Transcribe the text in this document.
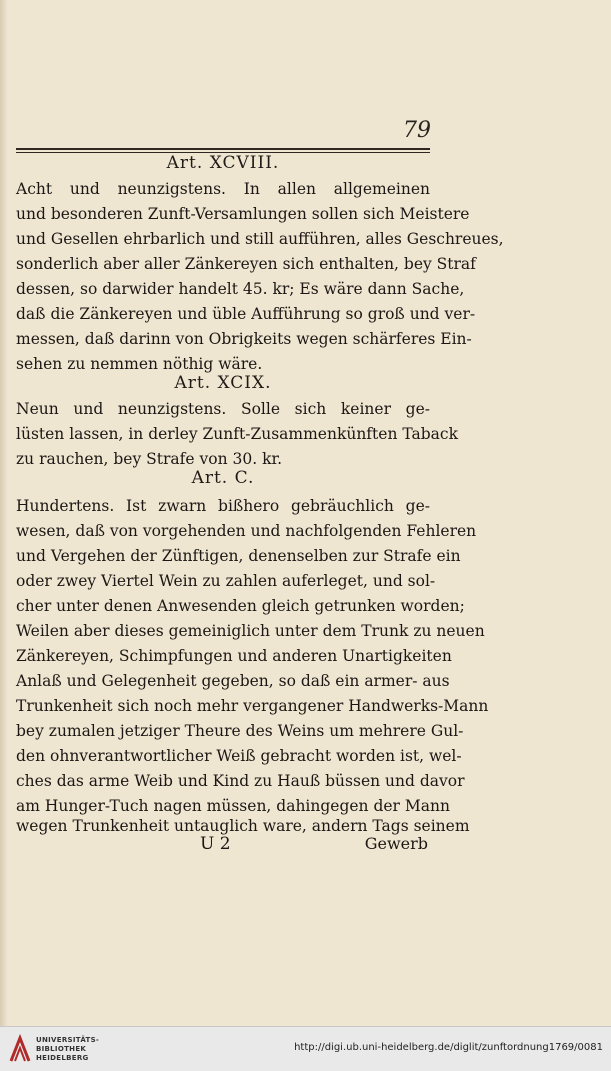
79
Art. XCVIII.
Acht und neunzigstens. In allen allgemeinen
und besonderen Zunft-Versamlungen sollen sich Meistere
und Gesellen ehrbarlich und still aufführen, alles Geschreues,
sonderlich aber aller Zänkereyen sich enthalten, bey Straf
dessen, so darwider handelt 45. kr; Es wäre dann Sache,
daß die Zänkereyen und üble Aufführung so groß und ver-
messen, daß darinn von Obrigkeits wegen schärferes Ein-
sehen zu nemmen nöthig wäre.
Art. XCIX.
Neun und neunzigstens. Solle sich keiner ge-
lüsten lassen, in derley Zunft-Zusammenkünften Taback
zu rauchen, bey Strafe von 30. kr.
Art. C.
Hundertens. Ist zwarn bißhero gebräuchlich ge-
wesen, daß von vorgehenden und nachfolgenden Fehleren
und Vergehen der Zünftigen, denenselben zur Strafe ein
oder zwey Viertel Wein zu zahlen auferleget, und sol-
cher unter denen Anwesenden gleich getrunken worden;
Weilen aber dieses gemeiniglich unter dem Trunk zu neuen
Zänkereyen, Schimpfungen und anderen Unartigkeiten
Anlaß und Gelegenheit gegeben, so daß ein armer- aus
Trunkenheit sich noch mehr vergangener Handwerks-Mann
bey zumalen jetziger Theure des Weins um mehrere Gul-
den ohnverantwortlicher Weiß gebracht worden ist, wel-
ches das arme Weib und Kind zu Hauß büssen und davor
am Hunger-Tuch nagen müssen, dahingegen der Mann
wegen Trunkenheit untauglich ware, andern Tags seinem
U 2	Gewerb
UNIVERSITÄTS-
BIBLIOTHEK
HEIDELBERG
http://digi.ub.uni-heidelberg.de/diglit/zunftordnung1769/0081
